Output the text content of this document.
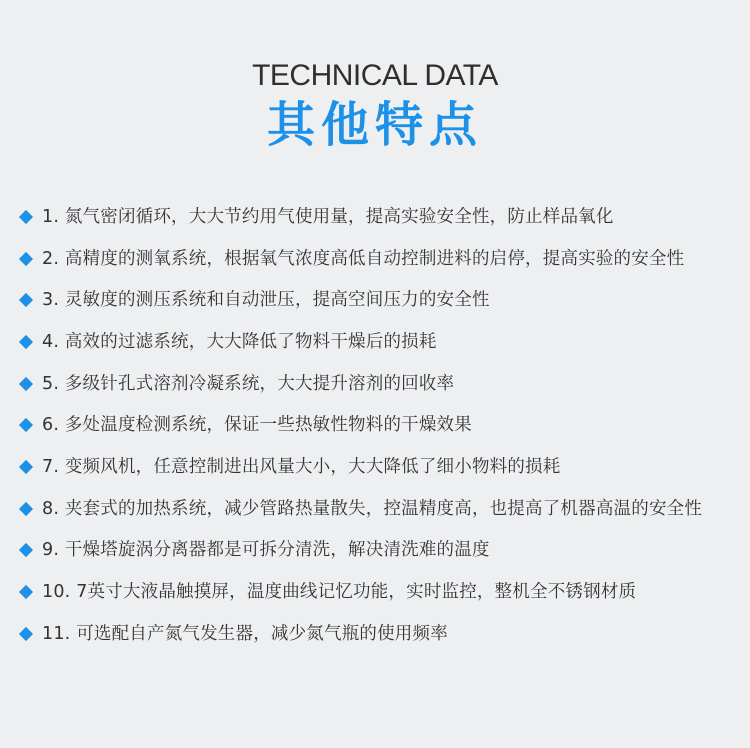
TECHNICAL DATA
其他特点
1. 氮气密闭循环，大大节约用气使用量，提高实验安全性，防止样品氧化
2. 高精度的测氧系统，根据氧气浓度高低自动控制进料的启停，提高实验的安全性
3. 灵敏度的测压系统和自动泄压，提高空间压力的安全性
4. 高效的过滤系统，大大降低了物料干燥后的损耗
5. 多级针孔式溶剂冷凝系统，大大提升溶剂的回收率
6. 多处温度检测系统，保证一些热敏性物料的干燥效果
7. 变频风机，任意控制进出风量大小，大大降低了细小物料的损耗
8. 夹套式的加热系统，减少管路热量散失，控温精度高，也提高了机器高温的安全性
9. 干燥塔旋涡分离器都是可拆分清洗，解决清洗难的温度
10. 7英寸大液晶触摸屏，温度曲线记忆功能，实时监控，整机全不锈钢材质
11. 可选配自产氮气发生器，减少氮气瓶的使用频率
